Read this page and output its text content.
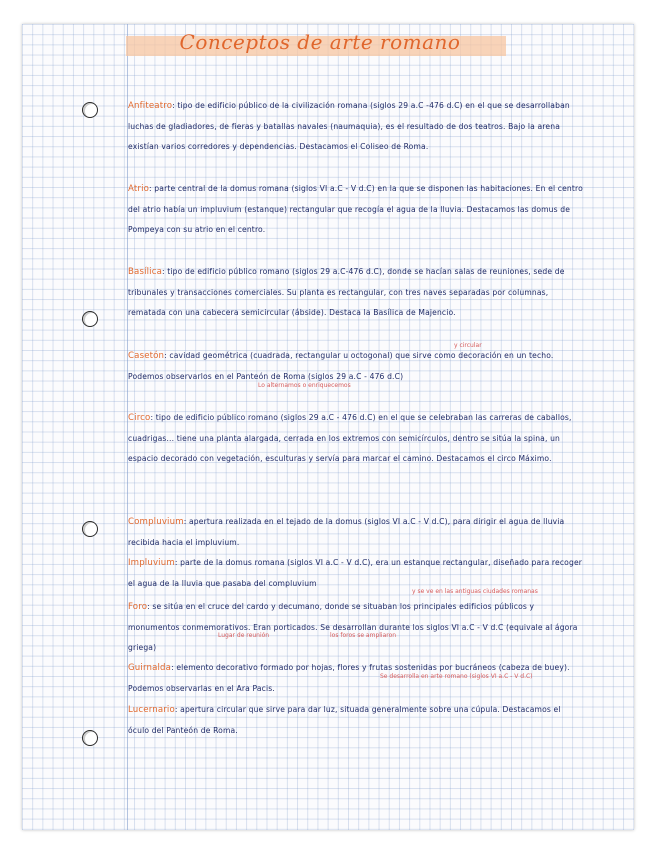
Conceptos de arte romano
Anfiteatro: tipo de edificio público de la civilización romana (siglos 29 a.C -476 d.C) en el que se desarrollaban luchas de gladiadores, de fieras y batallas navales (naumaquia), es el resultado de dos teatros. Bajo la arena existían varios corredores y dependencias. Destacamos el Coliseo de Roma.
Atrio: parte central de la domus romana (siglos VI a.C - V d.C) en la que se disponen las habitaciones. En el centro del atrio había un impluvium (estanque) rectangular que recogía el agua de la lluvia. Destacamos las domus de Pompeya con su atrio en el centro.
Basílica: tipo de edificio público romano (siglos 29 a.C-476 d.C), donde se hacían salas de reuniones, sede de tribunales y transacciones comerciales. Su planta es rectangular, con tres naves separadas por columnas, rematada con una cabecera semicircular (ábside). Destaca la Basílica de Majencio.
y circular
Casetón: cavidad geométrica (cuadrada, rectangular u octogonal) que sirve como decoración en un techo. Podemos observarlos en el Panteón de Roma (siglos 29 a.C - 476 d.C)
Lo alternamos o enriquecemos
Circo: tipo de edificio público romano (siglos 29 a.C - 476 d.C) en el que se celebraban las carreras de caballos, cuadrigas... tiene una planta alargada, cerrada en los extremos con semicírculos, dentro se sitúa la spina, un espacio decorado con vegetación, esculturas y servía para marcar el camino. Destacamos el circo Máximo.
Compluvium: apertura realizada en el tejado de la domus (siglos VI a.C - V d.C), para dirigir el agua de lluvia recibida hacia el impluvium.
Impluvium: parte de la domus romana (siglos VI a.C - V d.C), era un estanque rectangular, diseñado para recoger el agua de la lluvia que pasaba del compluvium
y se ve en las antiguas ciudades romanas
Foro: se sitúa en el cruce del cardo y decumano, donde se situaban los principales edificios públicos y monumentos conmemorativos. Eran porticados. Se desarrollan durante los siglos VI a.C - V d.C (equivale al ágora griega)
Lugar de reunión	los foros se ampliaron
Guirnalda: elemento decorativo formado por hojas, flores y frutas sostenidas por bucráneos (cabeza de buey). Podemos observarlas en el Ara Pacis.
Se desarrolla en arte romano (siglos VI a.C - V d.C)
Lucernario: apertura circular que sirve para dar luz, situada generalmente sobre una cúpula. Destacamos el óculo del Panteón de Roma.
